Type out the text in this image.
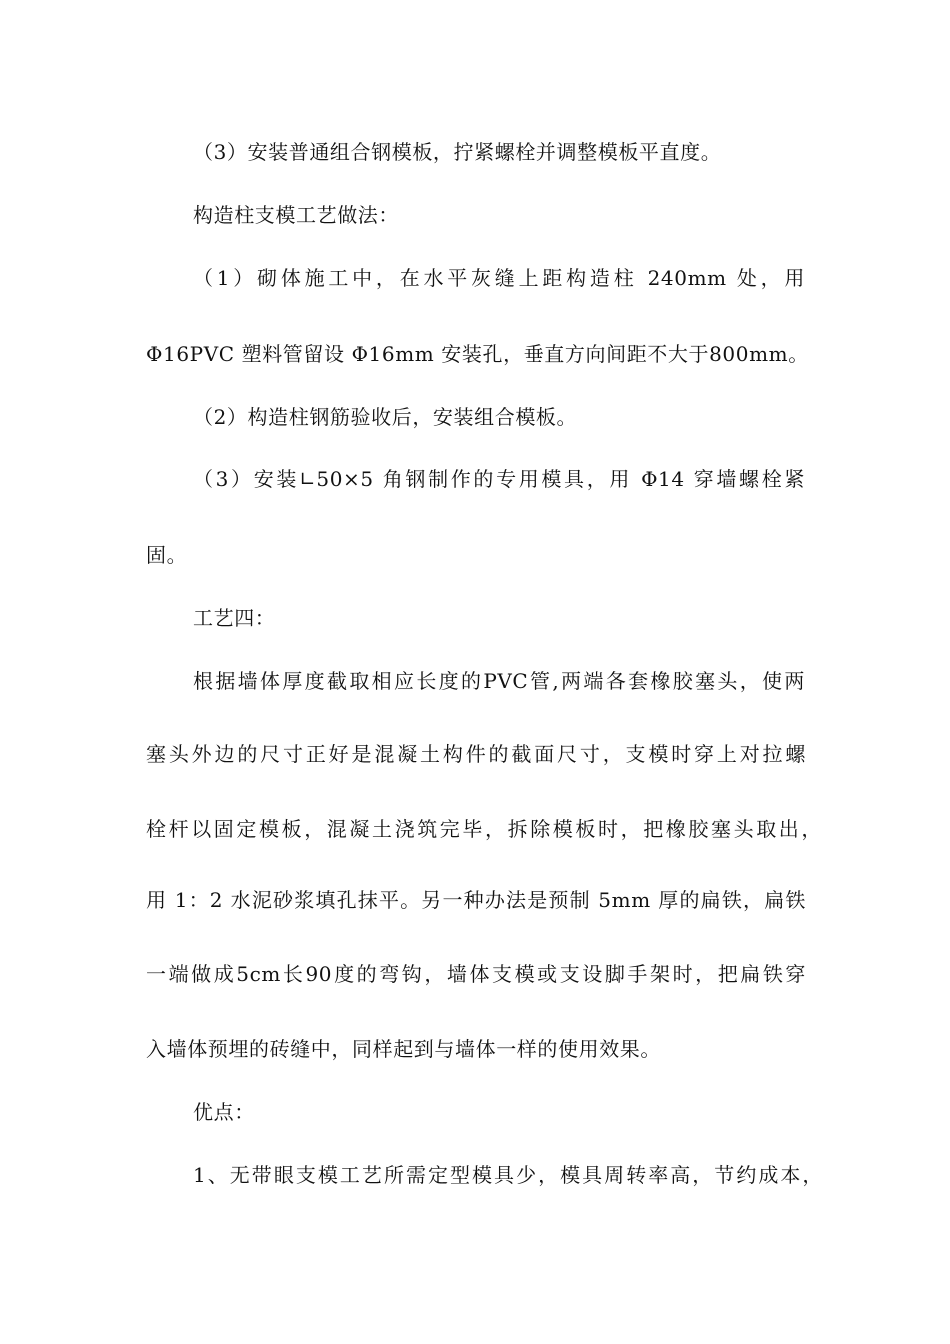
（3）安装普通组合钢模板，拧紧螺栓并调整模板平直度。
构造柱支模工艺做法：
（1）砌体施工中，在水平灰缝上距构造柱 240mm 处，用
Φ16PVC 塑料管留设 Φ16mm 安装孔，垂直方向间距不大于800mm。
（2）构造柱钢筋验收后，安装组合模板。
（3）安装∟50×5 角钢制作的专用模具，用 Φ14 穿墙螺栓紧
固。
工艺四：
根据墙体厚度截取相应长度的PVC管,两端各套橡胶塞头，使两
塞头外边的尺寸正好是混凝土构件的截面尺寸，支模时穿上对拉螺
栓杆以固定模板，混凝土浇筑完毕，拆除模板时，把橡胶塞头取出，
用 1：2 水泥砂浆填孔抹平。另一种办法是预制 5mm 厚的扁铁，扁铁
一端做成5cm长90度的弯钩，墙体支模或支设脚手架时，把扁铁穿
入墙体预埋的砖缝中，同样起到与墙体一样的使用效果。
优点：
1、无带眼支模工艺所需定型模具少，模具周转率高，节约成本，
